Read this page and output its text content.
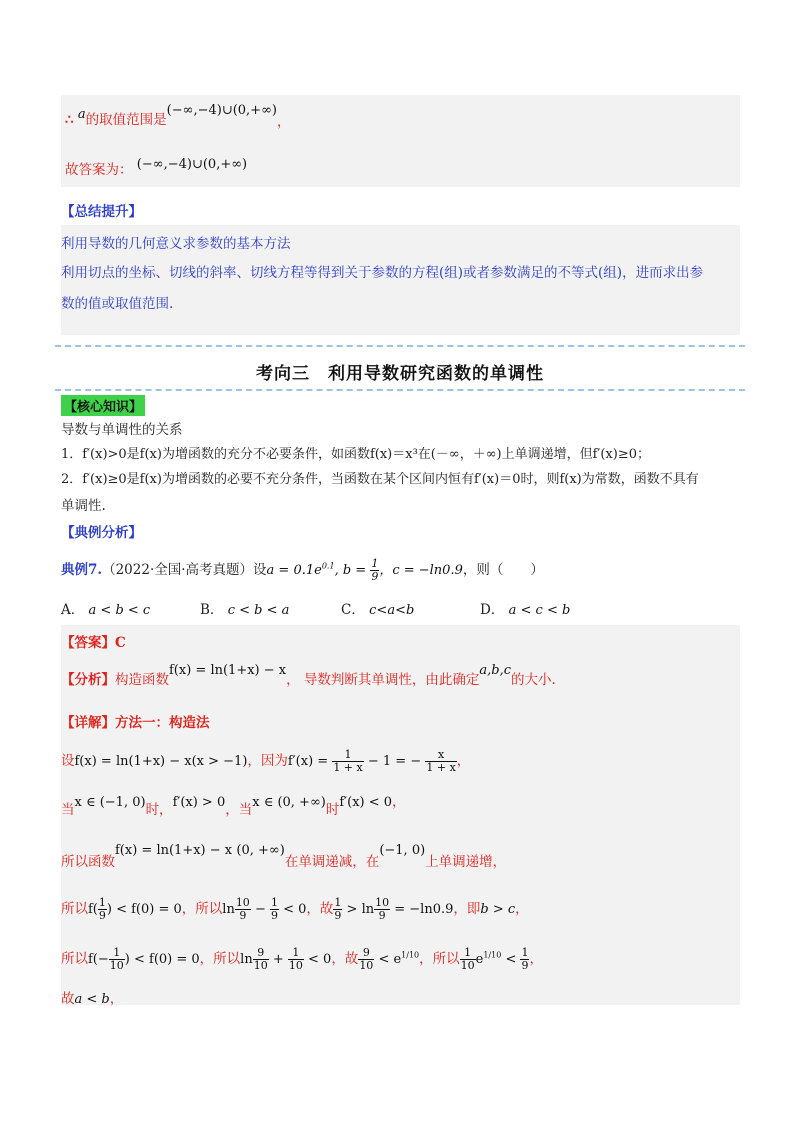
∴ a的取值范围是(−∞,−4)∪(0,+∞)，
故答案为： (−∞,−4)∪(0,+∞)
【总结提升】
利用导数的几何意义求参数的基本方法
利用切点的坐标、切线的斜率、切线方程等得到关于参数的方程(组)或者参数满足的不等式(组)，进而求出参
数的值或取值范围.
考向三　利用导数研究函数的单调性
【核心知识】
导数与单调性的关系
1．f′(x)>0是f(x)为增函数的充分不必要条件，如函数f(x)＝x³在(－∞，＋∞)上单调递增，但f′(x)≥0；
2．f′(x)≥0是f(x)为增函数的必要不充分条件，当函数在某个区间内恒有f′(x)＝0时，则f(x)为常数，函数不具有
单调性.
【典例分析】
典例7.（2022·全国·高考真题）设$a = 0.1e^{0.1}$, $b = \frac{1}{9}$ ，c = −ln0.9，则（　　）
A． a < b < c	B． c < b < a	C． c<a<b	D． a < c < b
【答案】C
【分析】构造函数f(x) = ln(1+x) − x， 导数判断其单调性，由此确定a,b,c的大小.
【详解】方法一：构造法
设f(x) = ln(1+x) − x(x > −1)，因为$f'(x) = \frac{1}{1 + x} - 1$ = − $\frac{x}{1 + x}$ ，
当x ∈ (−1, 0)时，f′(x) > 0，当x ∈ (0, +∞)时f′(x) < 0，
所以函数f(x) = ln(1+x) − x (0, +∞)在单调递减，在(−1, 0)上单调递增，
所以$f( \frac{1}{9}$ ) < f(0) = 0，所以$\ln \frac{10}{9} - \frac{1}{9} < 0$，故 $\frac{1}{9} > \ln \frac{10}{9} = -\ln 0.9$，即b > c，
所以$f(- \frac{1}{10}$ ) < f(0) = 0，所以$\ln \frac{9}{10} + \frac{1}{10} < 0$，故 $\frac{9}{10} < e^{1/10}$，所以 $\frac{1}{10} e^{1/10} < \frac{1}{9}$ ，
故a < b，
